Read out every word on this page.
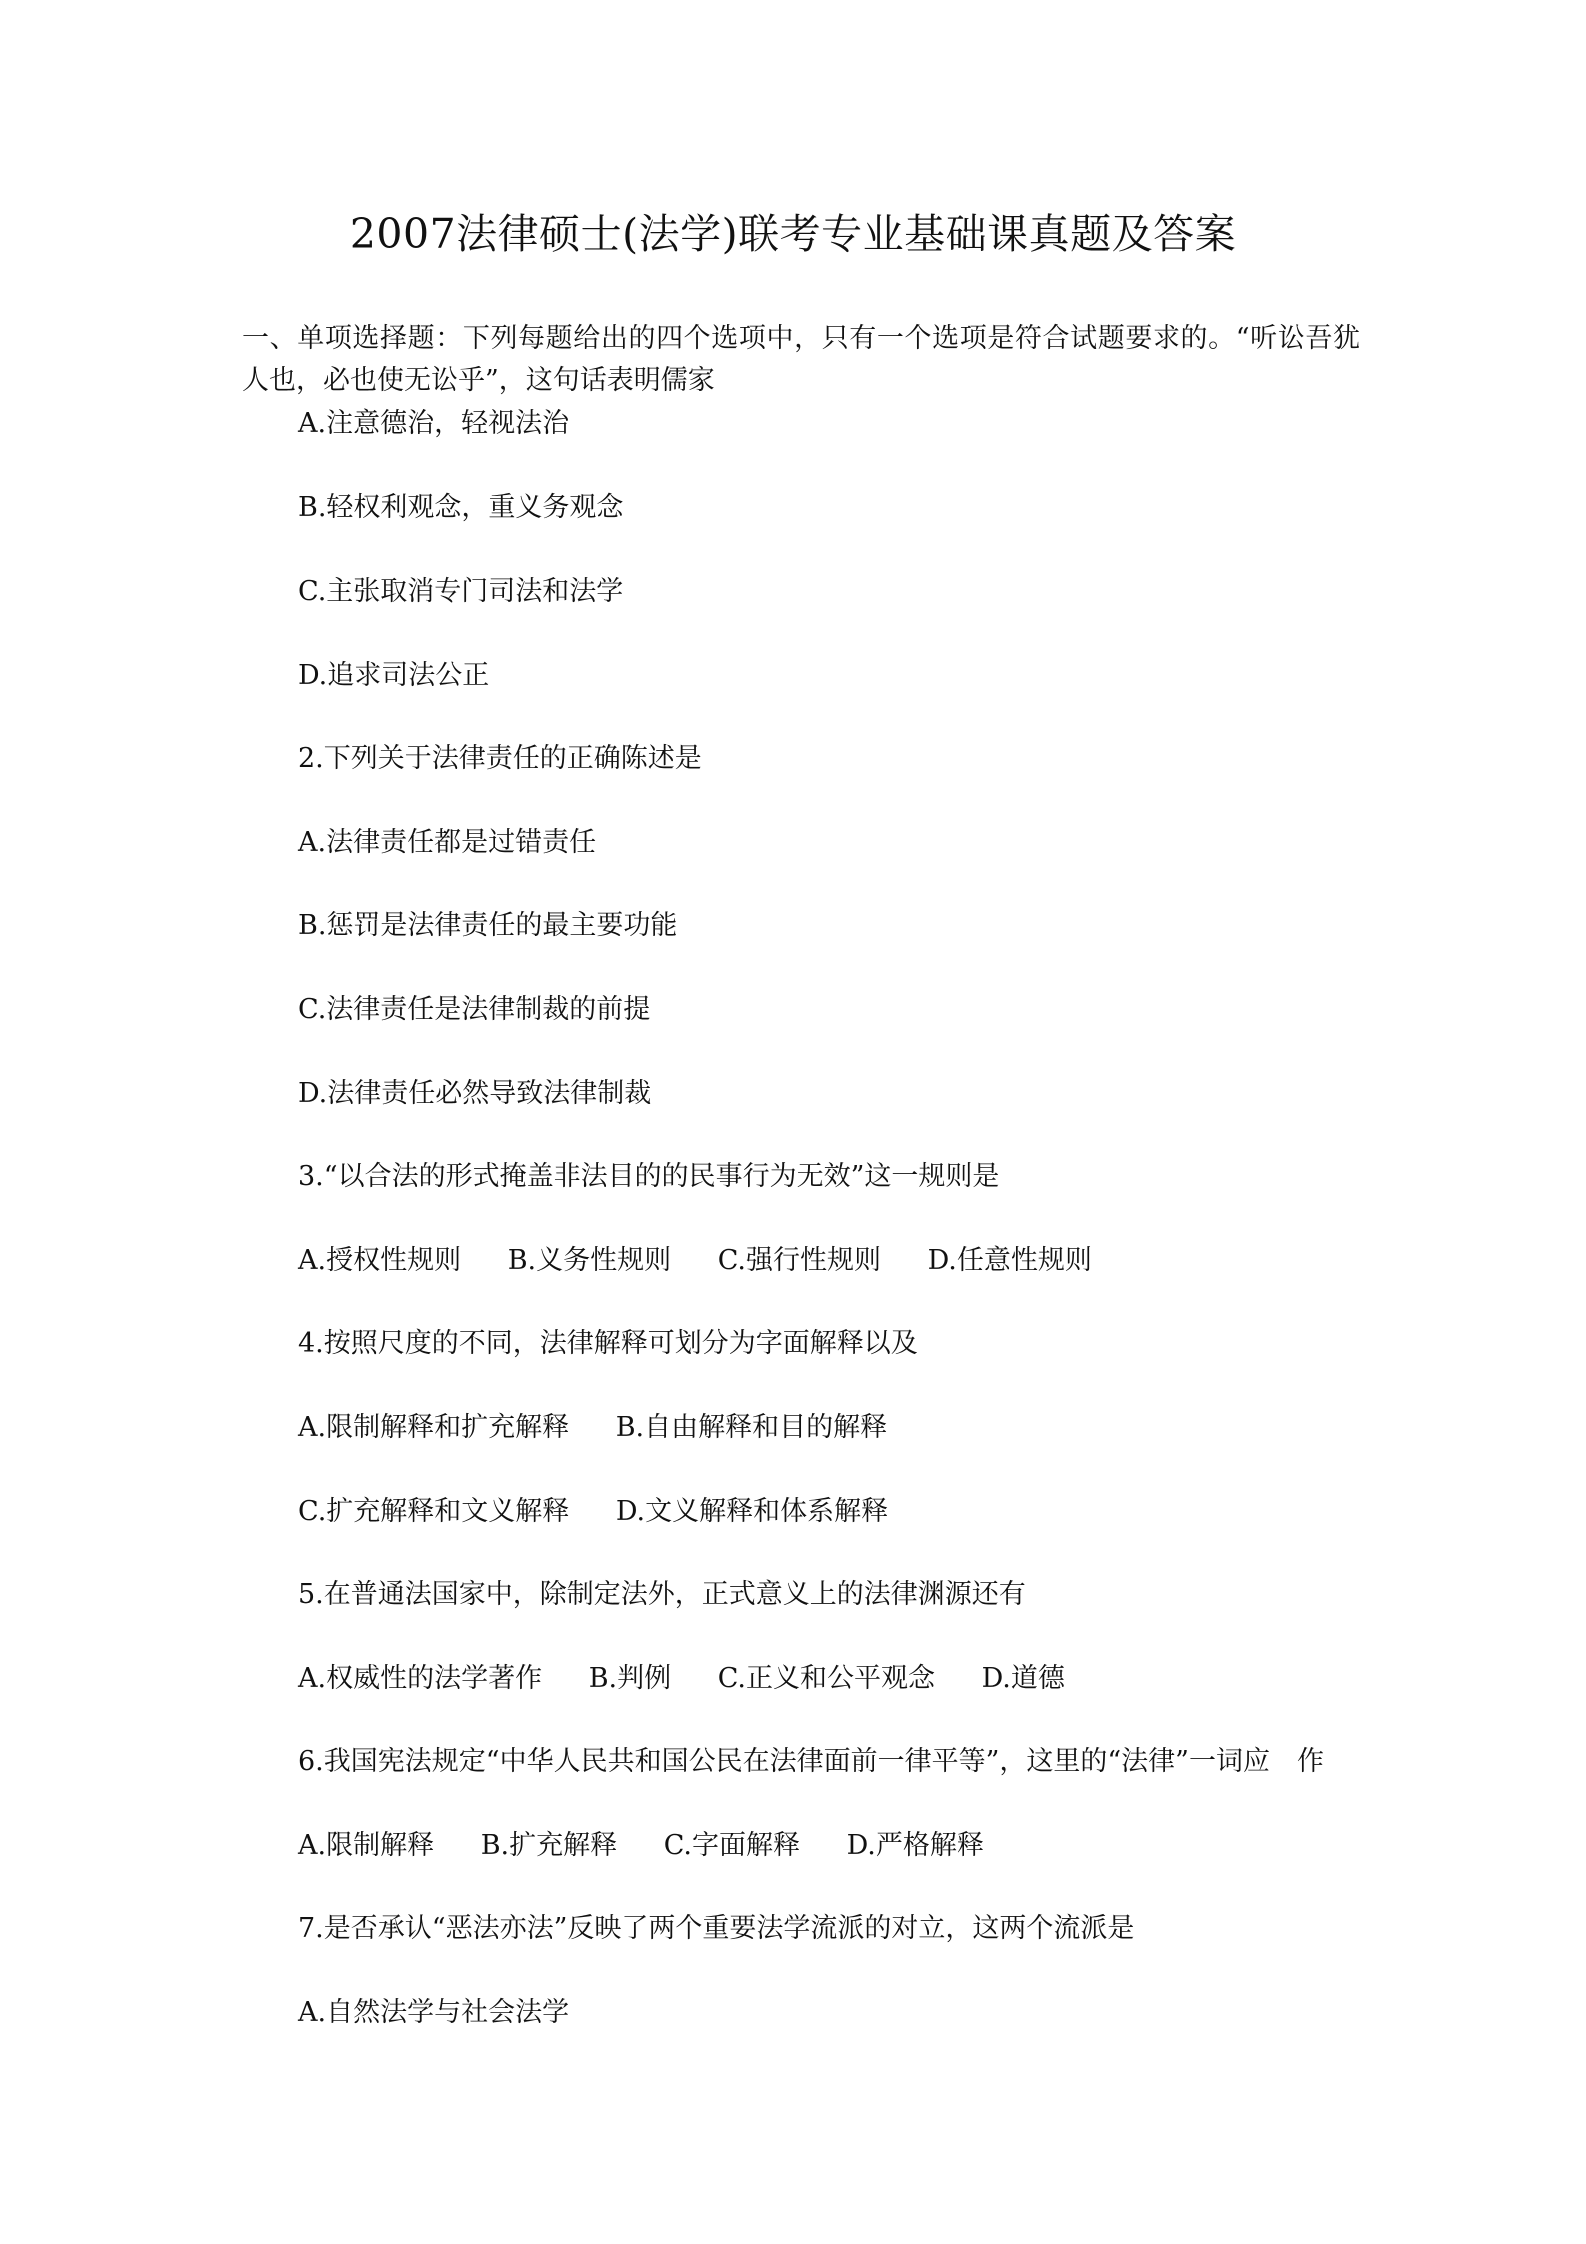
2007法律硕士(法学)联考专业基础课真题及答案
一、单项选择题：下列每题给出的四个选项中，只有一个选项是符合试题要求的。“听讼吾犹人也，必也使无讼乎”，这句话表明儒家
A.注意德治，轻视法治
B.轻权利观念，重义务观念
C.主张取消专门司法和法学
D.追求司法公正
2.下列关于法律责任的正确陈述是
A.法律责任都是过错责任
B.惩罚是法律责任的最主要功能
C.法律责任是法律制裁的前提
D.法律责任必然导致法律制裁
3.“以合法的形式掩盖非法目的的民事行为无效”这一规则是
A.授权性规则 B.义务性规则 C.强行性规则 D.任意性规则
4.按照尺度的不同，法律解释可划分为字面解释以及
A.限制解释和扩充解释 B.自由解释和目的解释
C.扩充解释和文义解释 D.文义解释和体系解释
5.在普通法国家中，除制定法外，正式意义上的法律渊源还有
A.权威性的法学著作 B.判例 C.正义和公平观念 D.道德
6.我国宪法规定“中华人民共和国公民在法律面前一律平等”，这里的“法律”一词应　作
A.限制解释 B.扩充解释 C.字面解释 D.严格解释
7.是否承认“恶法亦法”反映了两个重要法学流派的对立，这两个流派是
A.自然法学与社会法学
